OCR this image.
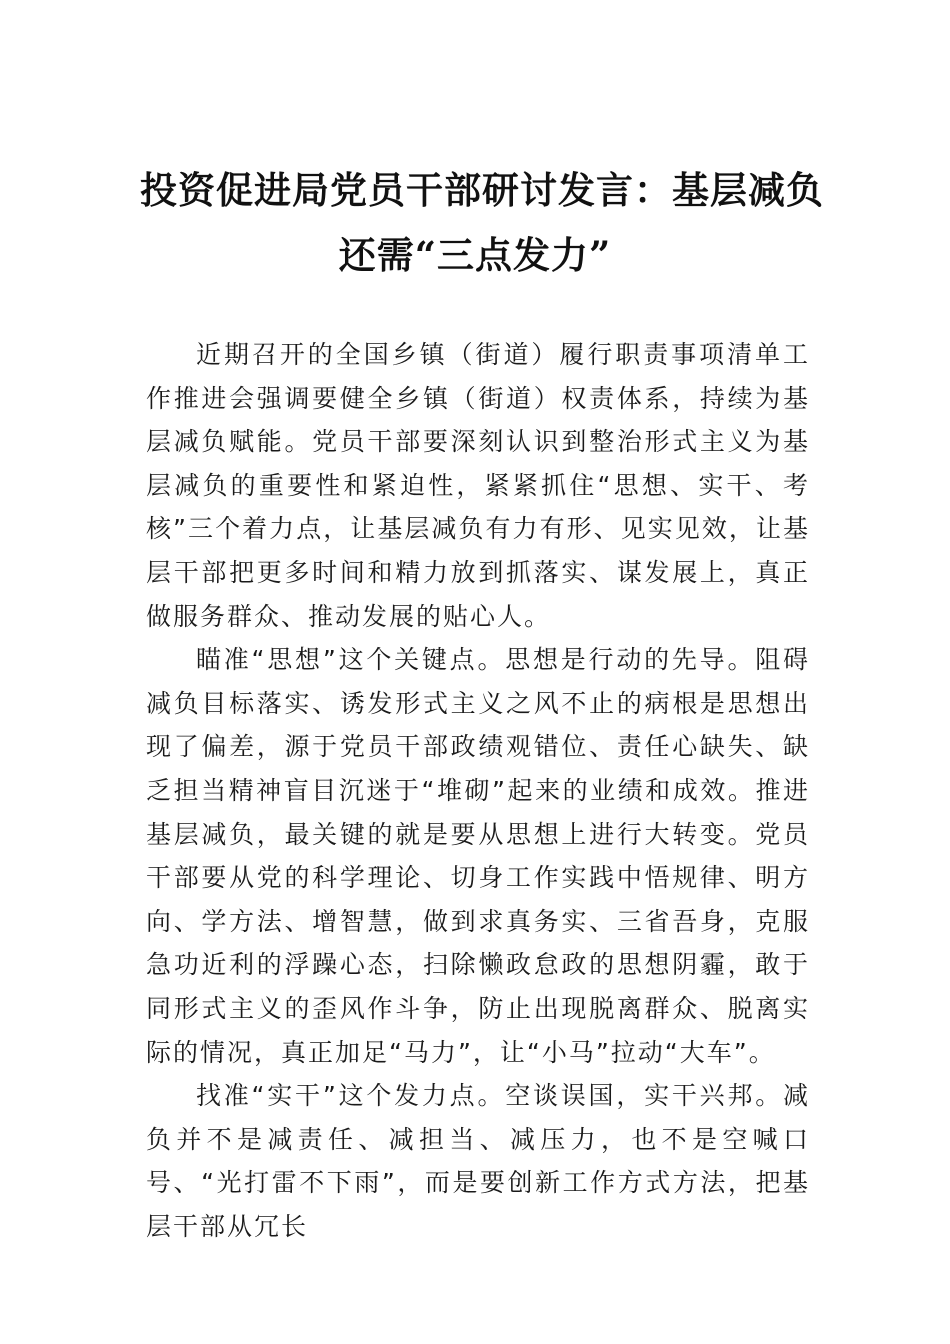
投资促进局党员干部研讨发言：基层减负
还需“三点发力”

近期召开的全国乡镇（街道）履行职责事项清单工作推进会强调要健全乡镇（街道）权责体系，持续为基层减负赋能。党员干部要深刻认识到整治形式主义为基层减负的重要性和紧迫性，紧紧抓住“思想、实干、考核”三个着力点，让基层减负有力有形、见实见效，让基层干部把更多时间和精力放到抓落实、谋发展上，真正做服务群众、推动发展的贴心人。

瞄准“思想”这个关键点。思想是行动的先导。阻碍减负目标落实、诱发形式主义之风不止的病根是思想出现了偏差，源于党员干部政绩观错位、责任心缺失、缺乏担当精神盲目沉迷于“堆砌”起来的业绩和成效。推进基层减负，最关键的就是要从思想上进行大转变。党员干部要从党的科学理论、切身工作实践中悟规律、明方向、学方法、增智慧，做到求真务实、三省吾身，克服急功近利的浮躁心态，扫除懒政怠政的思想阴霾，敢于同形式主义的歪风作斗争，防止出现脱离群众、脱离实际的情况，真正加足“马力”，让“小马”拉动“大车”。

找准“实干”这个发力点。空谈误国，实干兴邦。减负并不是减责任、减担当、减压力，也不是空喊口号、“光打雷不下雨”，而是要创新工作方式方法，把基层干部从冗长
